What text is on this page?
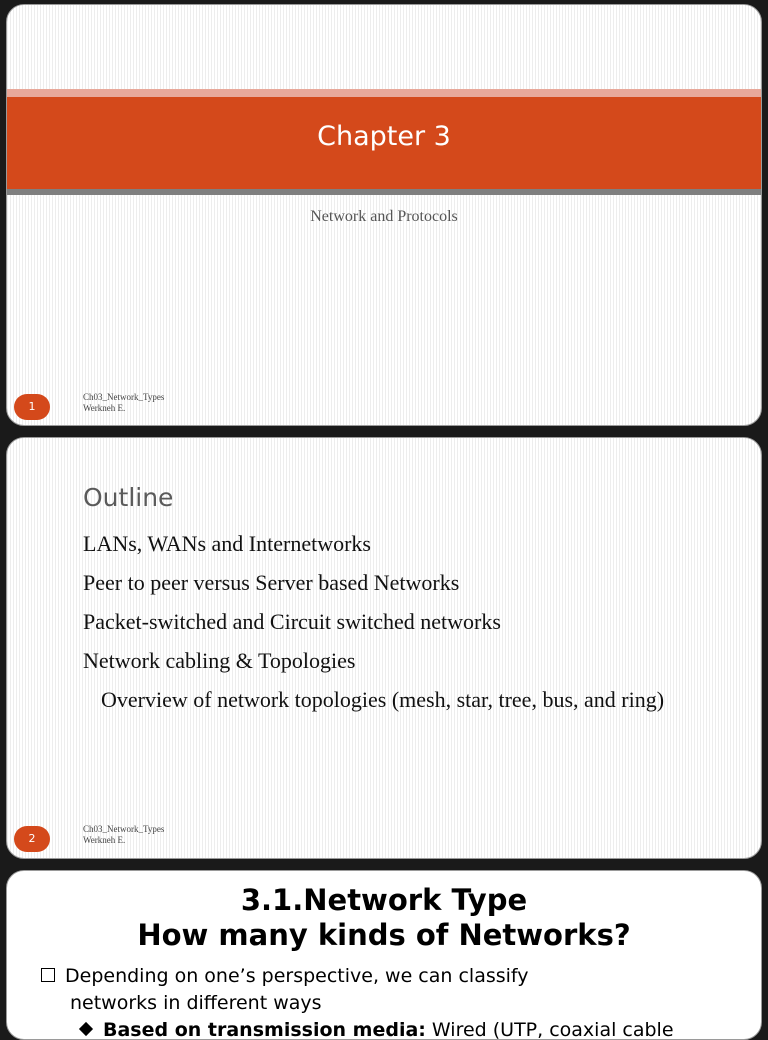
Chapter 3
Network and Protocols
1
Ch03_Network_Types
Werkneh E.
Outline
LANs, WANs and Internetworks
Peer to peer versus Server based Networks
Packet-switched and Circuit switched networks
Network cabling & Topologies
Overview of network topologies (mesh, star, tree, bus, and ring)
2
Ch03_Network_Types
Werkneh E.
3.1.Network Type
How many kinds of Networks?
Depending on one’s perspective, we can classify
networks in different ways
Based on transmission media: Wired (UTP, coaxial cable
